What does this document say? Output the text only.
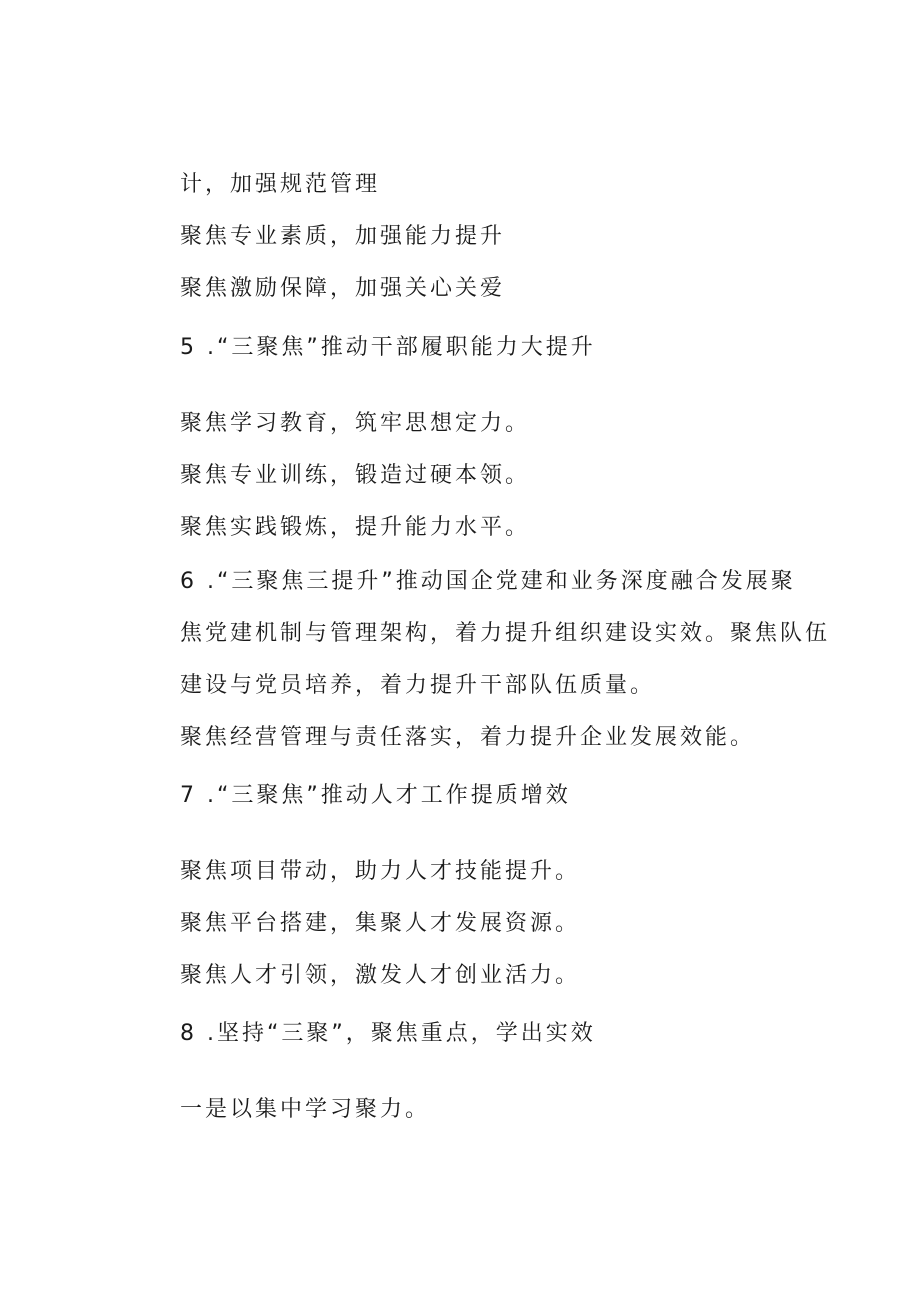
计，加强规范管理
聚焦专业素质，加强能力提升
聚焦激励保障，加强关心关爱
5 .“三聚焦”推动干部履职能力大提升
聚焦学习教育，筑牢思想定力。
聚焦专业训练，锻造过硬本领。
聚焦实践锻炼，提升能力水平。
6 .“三聚焦三提升”推动国企党建和业务深度融合发展聚
焦党建机制与管理架构，着力提升组织建设实效。聚焦队伍
建设与党员培养，着力提升干部队伍质量。
聚焦经营管理与责任落实，着力提升企业发展效能。
7 .“三聚焦”推动人才工作提质增效
聚焦项目带动，助力人才技能提升。
聚焦平台搭建，集聚人才发展资源。
聚焦人才引领，激发人才创业活力。
8 .坚持“三聚”，聚焦重点，学出实效
一是以集中学习聚力。
